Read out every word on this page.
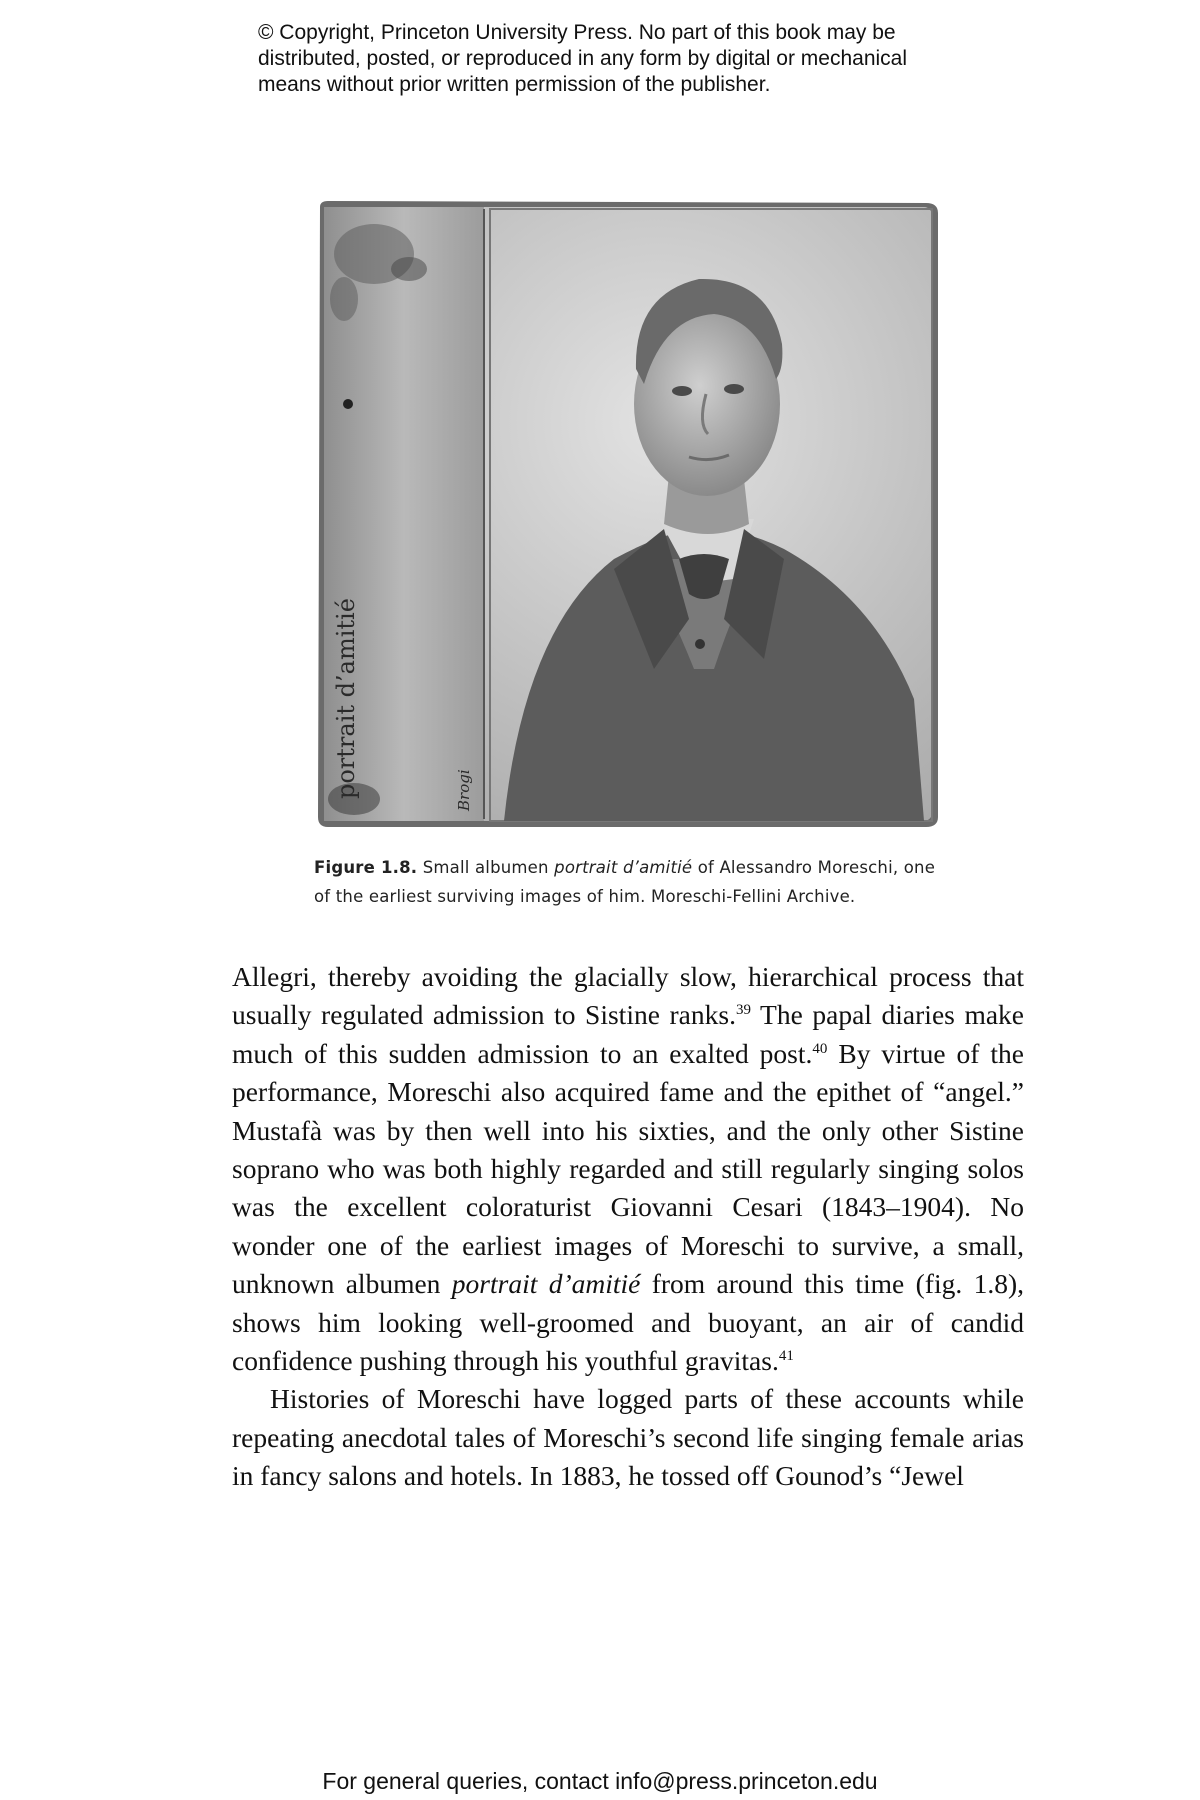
© Copyright, Princeton University Press. No part of this book may be
distributed, posted, or reproduced in any form by digital or mechanical
means without prior written permission of the publisher.
portrait d’amitié	Brogi
Figure 1.8. Small albumen portrait d’amitié of Alessandro Moreschi, one of the earliest surviving images of him. Moreschi-Fellini Archive.

Allegri, thereby avoiding the glacially slow, hierarchical process that usually regulated admission to Sistine ranks.$^{39}$ The papal diaries make much of this sudden admission to an exalted post.$^{40}$ By virtue of the performance, Moreschi also acquired fame and the epithet of “angel.” Mustafà was by then well into his sixties, and the only other Sistine soprano who was both highly regarded and still regularly singing solos was the excellent coloraturist Giovanni Cesari (1843–1904). No wonder one of the earliest images of Moreschi to survive, a small, unknown albumen portrait d’amitié from around this time (fig. 1.8), shows him looking well-groomed and buoyant, an air of candid confidence pushing through his youthful gravitas.$^{41}$

Histories of Moreschi have logged parts of these accounts while repeating anecdotal tales of Moreschi’s second life singing female arias in fancy salons and hotels. In 1883, he tossed off Gounod’s “Jewel

For general queries, contact info@press.princeton.edu
